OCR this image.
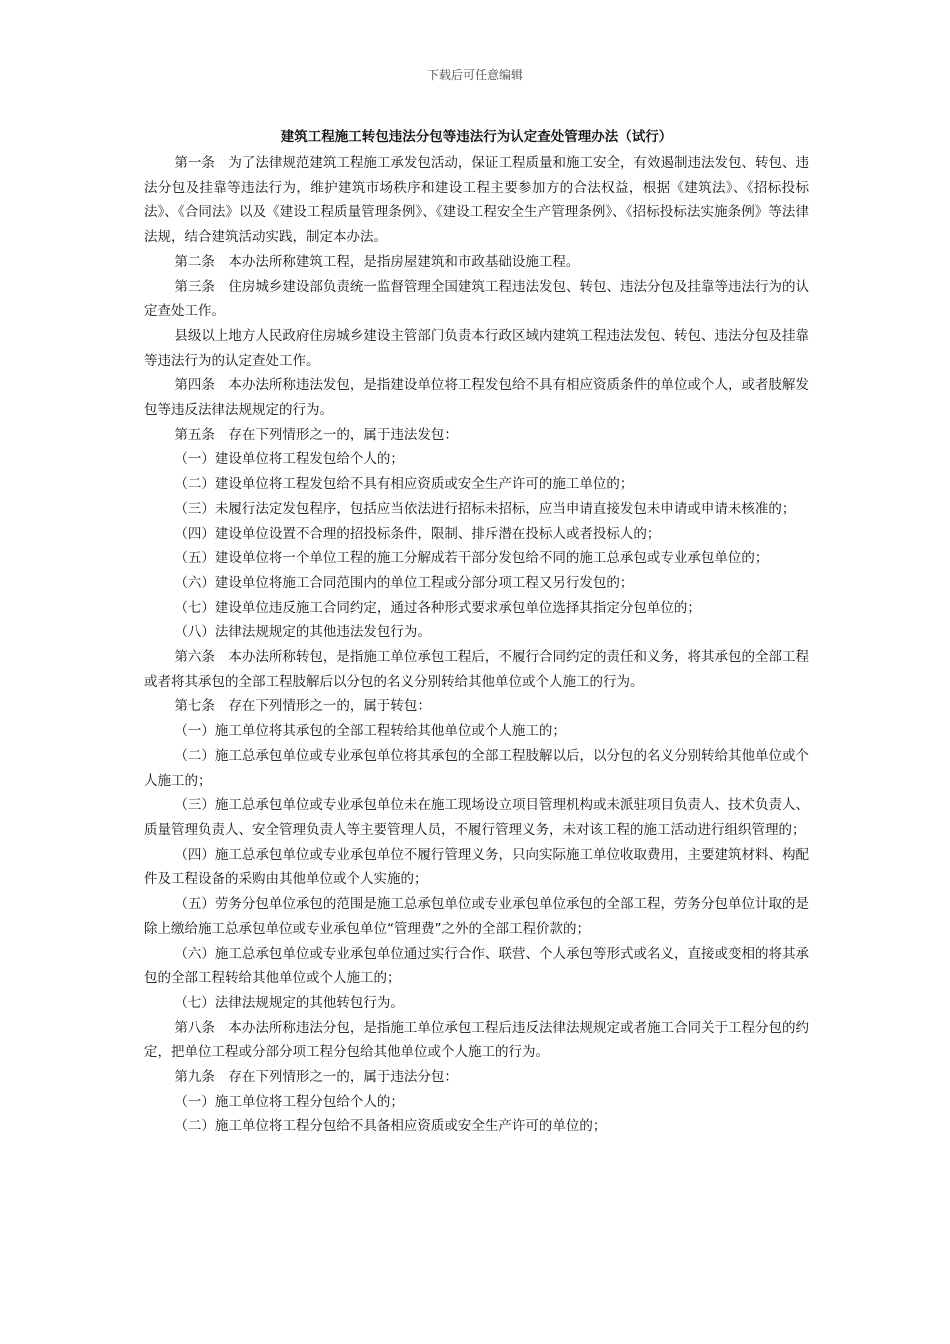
下载后可任意编辑
建筑工程施工转包违法分包等违法行为认定查处管理办法（试行）

第一条　为了法律规范建筑工程施工承发包活动，保证工程质量和施工安全，有效遏制违法发包、转包、违法分包及挂靠等违法行为，维护建筑市场秩序和建设工程主要参加方的合法权益，根据《建筑法》、《招标投标法》、《合同法》以及《建设工程质量管理条例》、《建设工程安全生产管理条例》、《招标投标法实施条例》等法律法规，结合建筑活动实践，制定本办法。

第二条　本办法所称建筑工程，是指房屋建筑和市政基础设施工程。

第三条　住房城乡建设部负责统一监督管理全国建筑工程违法发包、转包、违法分包及挂靠等违法行为的认定查处工作。

县级以上地方人民政府住房城乡建设主管部门负责本行政区域内建筑工程违法发包、转包、违法分包及挂靠等违法行为的认定查处工作。

第四条　本办法所称违法发包，是指建设单位将工程发包给不具有相应资质条件的单位或个人，或者肢解发包等违反法律法规规定的行为。

第五条　存在下列情形之一的，属于违法发包：

（一）建设单位将工程发包给个人的；

（二）建设单位将工程发包给不具有相应资质或安全生产许可的施工单位的；

（三）未履行法定发包程序，包括应当依法进行招标未招标，应当申请直接发包未申请或申请未核准的；

（四）建设单位设置不合理的招投标条件，限制、排斥潜在投标人或者投标人的；

（五）建设单位将一个单位工程的施工分解成若干部分发包给不同的施工总承包或专业承包单位的；

（六）建设单位将施工合同范围内的单位工程或分部分项工程又另行发包的；

（七）建设单位违反施工合同约定，通过各种形式要求承包单位选择其指定分包单位的；

（八）法律法规规定的其他违法发包行为。

第六条　本办法所称转包，是指施工单位承包工程后，不履行合同约定的责任和义务，将其承包的全部工程或者将其承包的全部工程肢解后以分包的名义分别转给其他单位或个人施工的行为。

第七条　存在下列情形之一的，属于转包：

（一）施工单位将其承包的全部工程转给其他单位或个人施工的；

（二）施工总承包单位或专业承包单位将其承包的全部工程肢解以后，以分包的名义分别转给其他单位或个人施工的；

（三）施工总承包单位或专业承包单位未在施工现场设立项目管理机构或未派驻项目负责人、技术负责人、质量管理负责人、安全管理负责人等主要管理人员，不履行管理义务，未对该工程的施工活动进行组织管理的；

（四）施工总承包单位或专业承包单位不履行管理义务，只向实际施工单位收取费用，主要建筑材料、构配件及工程设备的采购由其他单位或个人实施的；

（五）劳务分包单位承包的范围是施工总承包单位或专业承包单位承包的全部工程，劳务分包单位计取的是除上缴给施工总承包单位或专业承包单位“管理费”之外的全部工程价款的；

（六）施工总承包单位或专业承包单位通过实行合作、联营、个人承包等形式或名义，直接或变相的将其承包的全部工程转给其他单位或个人施工的；

（七）法律法规规定的其他转包行为。

第八条　本办法所称违法分包，是指施工单位承包工程后违反法律法规规定或者施工合同关于工程分包的约定，把单位工程或分部分项工程分包给其他单位或个人施工的行为。

第九条　存在下列情形之一的，属于违法分包：

（一）施工单位将工程分包给个人的；

（二）施工单位将工程分包给不具备相应资质或安全生产许可的单位的；
